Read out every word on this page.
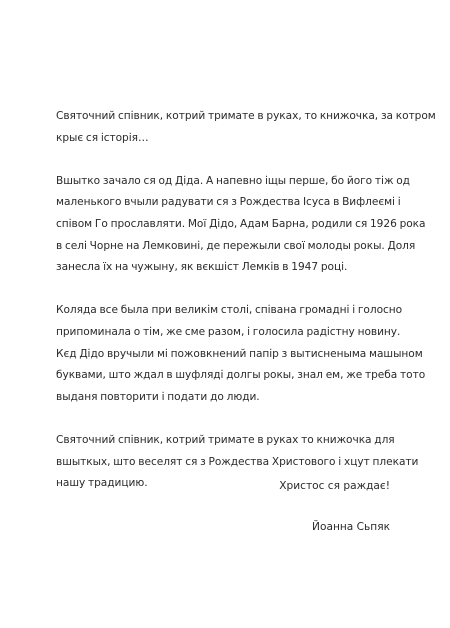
Святочний співник, котрий тримате в руках, то книжочка, за котром
крыє ся історія…
Вшытко зачало ся од Діда. А напевно іщы перше, бо його тіж од
маленького вчыли радувати ся з Рождества Ісуса в Вифлеємі і
співом Го прославляти. Мої Дідо, Адам Барна, родили ся 1926 рока
в селі Чорне на Лемковині, де пережыли свої молоды рокы. Доля
занесла їх на чужыну, як вєкшіст Лемків в 1947 році.
Коляда все была при великім столі, співана громадні і голосно
припоминала о тім, же сме разом, і голосила радістну новину.
Кєд Дідо вручыли мі пожовкнений папір з вытисненыма машыном
буквами, што ждал в шуфляді долгы рокы, знал ем, же треба тото
выданя повторити і подати до люди.
Святочний співник, котрий тримате в руках то книжочка для
вшыткых, што веселят ся з Рождества Христового і хцут плекати
нашу традицию.	Христос ся раждає!
Йоанна Сьпяк
